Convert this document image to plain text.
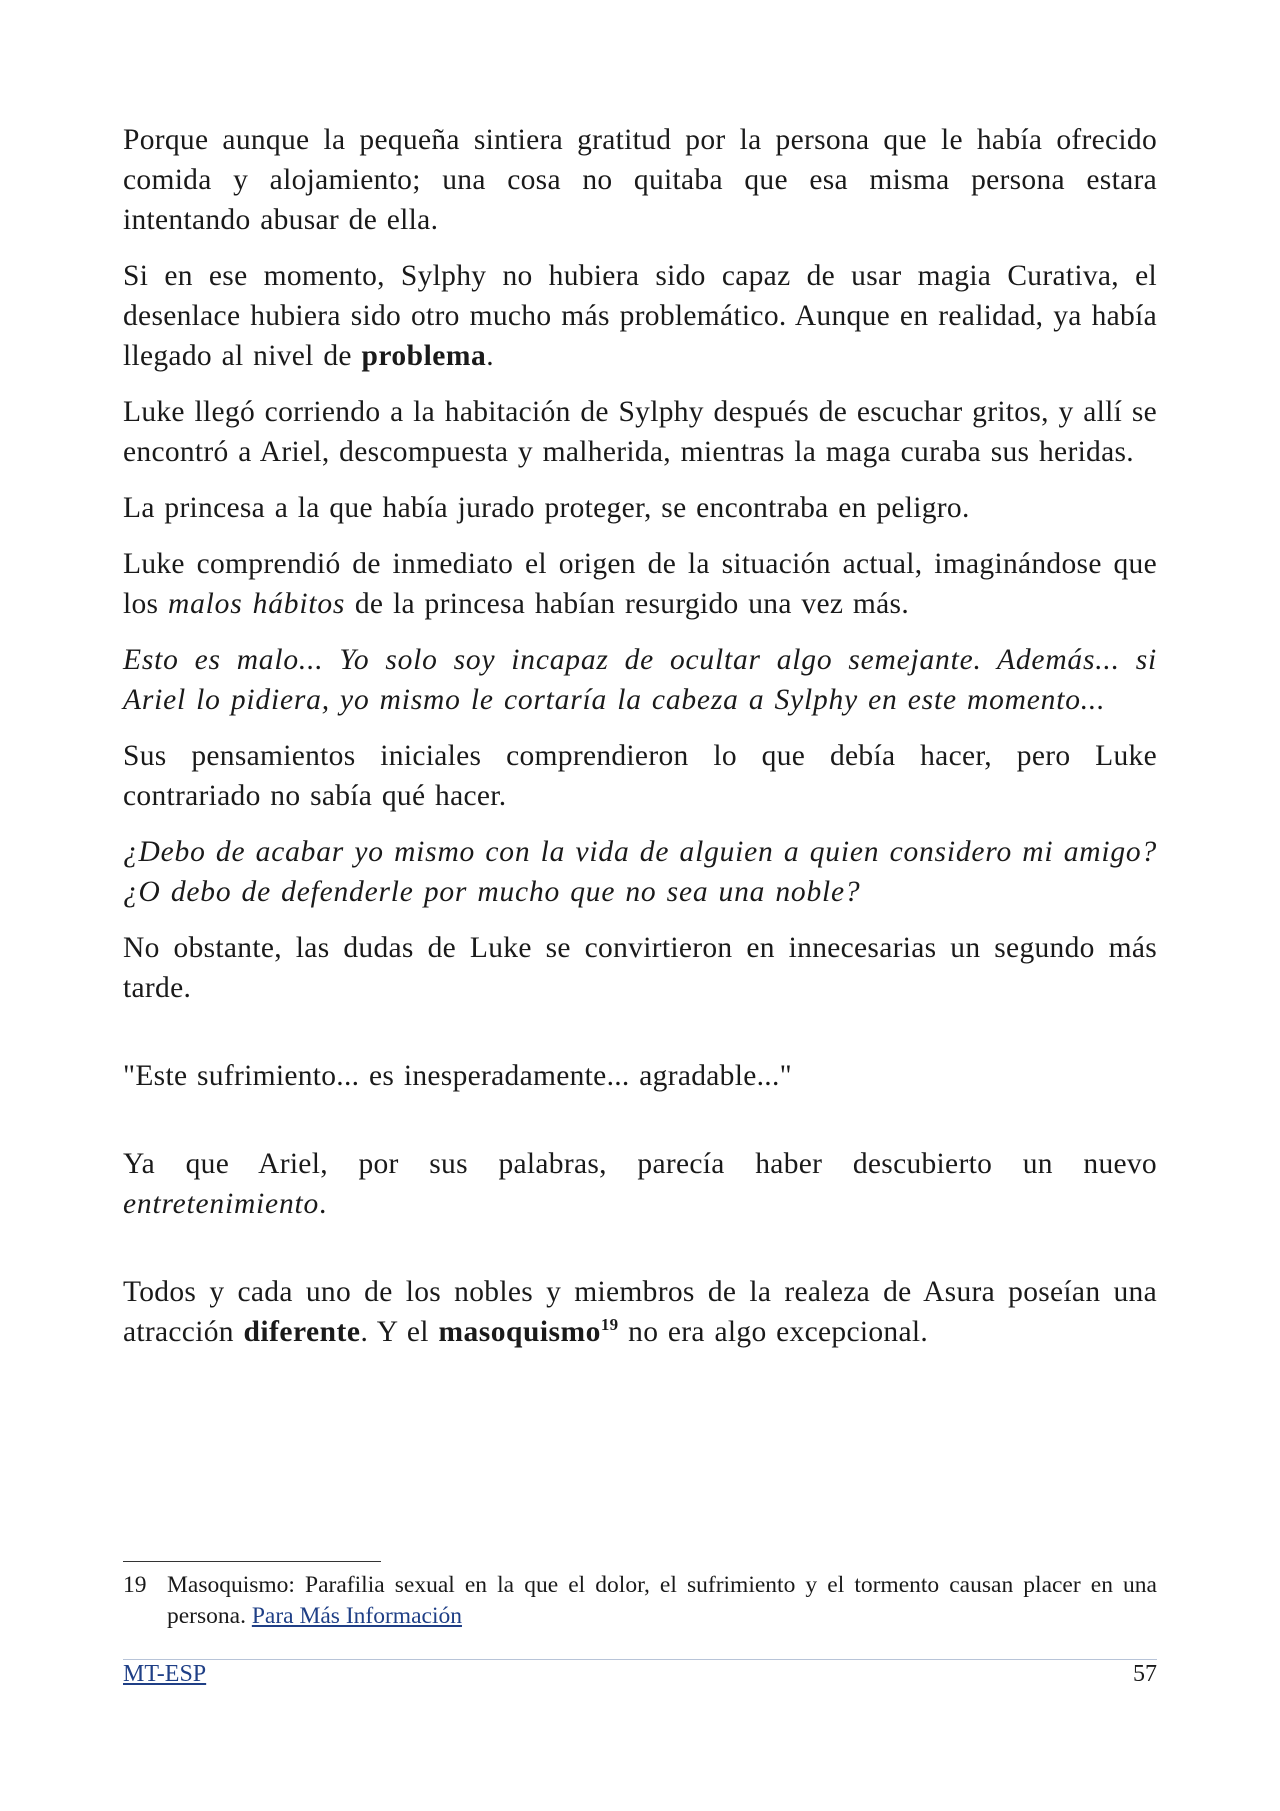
Porque aunque la pequeña sintiera gratitud por la persona que le había ofrecido comida y alojamiento; una cosa no quitaba que esa misma persona estara intentando abusar de ella.

Si en ese momento, Sylphy no hubiera sido capaz de usar magia Curativa, el desenlace hubiera sido otro mucho más problemático. Aunque en realidad, ya había llegado al nivel de problema.

Luke llegó corriendo a la habitación de Sylphy después de escuchar gritos, y allí se encontró a Ariel, descompuesta y malherida, mientras la maga curaba sus heridas.

La princesa a la que había jurado proteger, se encontraba en peligro.

Luke comprendió de inmediato el origen de la situación actual, imaginándose que los malos hábitos de la princesa habían resurgido una vez más.

Esto es malo... Yo solo soy incapaz de ocultar algo semejante. Además... si Ariel lo pidiera, yo mismo le cortaría la cabeza a Sylphy en este momento...

Sus pensamientos iniciales comprendieron lo que debía hacer, pero Luke contrariado no sabía qué hacer.

¿Debo de acabar yo mismo con la vida de alguien a quien considero mi amigo? ¿O debo de defenderle por mucho que no sea una noble?

No obstante, las dudas de Luke se convirtieron en innecesarias un segundo más tarde.

"Este sufrimiento... es inesperadamente... agradable..."

Ya que Ariel, por sus palabras, parecía haber descubierto un nuevo entretenimiento.

Todos y cada uno de los nobles y miembros de la realeza de Asura poseían una atracción diferente. Y el masoquismo$^{19}$ no era algo excepcional.

19 Masoquismo: Parafilia sexual en la que el dolor, el sufrimiento y el tormento causan placer en una persona. Para Más Información
MT-ESP	57
